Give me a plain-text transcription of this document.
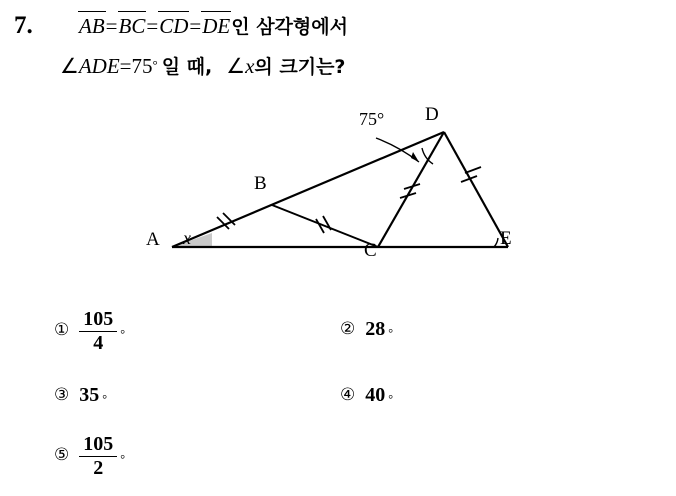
7. AB=BC=CD=DE인 삼각형에서
∠ADE=75° 일 때, ∠x의 크기는?
A
B
C
D
E
x
75°
① $\frac{105}{4}$ °	② 28 °
③ 35 °	④ 40 °
⑤ $\frac{105}{2}$ °
